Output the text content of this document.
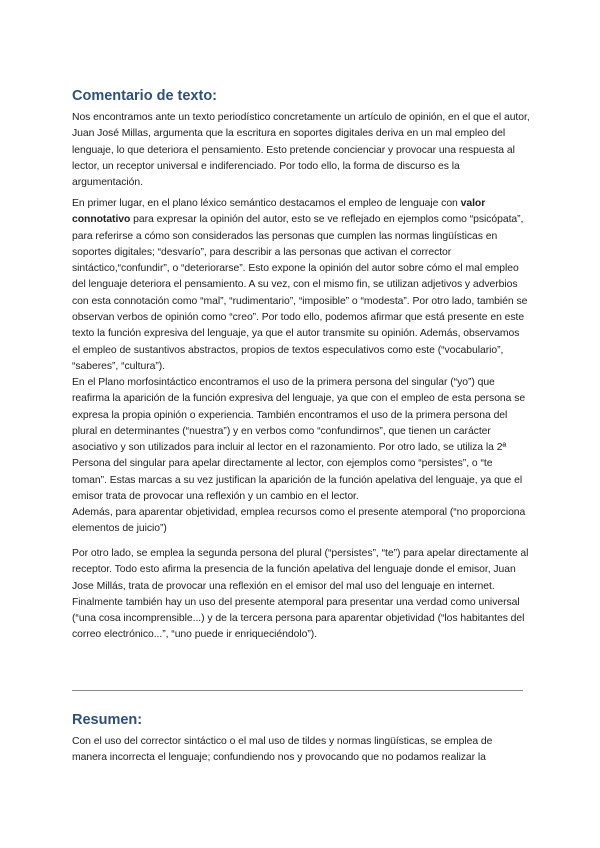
Comentario de texto:

Nos encontramos ante un texto periodístico concretamente un artículo de opinión, en el que el autor, Juan José Millas, argumenta que la escritura en soportes digitales deriva en un mal empleo del lenguaje, lo que deteriora el pensamiento. Esto pretende concienciar y provocar una respuesta al lector, un receptor universal e indiferenciado. Por todo ello, la forma de discurso es la argumentación.

En primer lugar, en el plano léxico semántico destacamos el empleo de lenguaje con valor connotativo para expresar la opinión del autor, esto se ve reflejado en ejemplos como “psicópata”, para referirse a cómo son considerados las personas que cumplen las normas lingüísticas en soportes digitales; “desvarío”, para describir a las personas que activan el corrector sintáctico,“confundir”, o “deteriorarse”. Esto expone la opinión del autor sobre cómo el mal empleo del lenguaje deteriora el pensamiento. A su vez, con el mismo fin, se utilizan adjetivos y adverbios con esta connotación como “mal”, “rudimentario”, “imposible” o “modesta”. Por otro lado, también se observan verbos de opinión como “creo”. Por todo ello, podemos afirmar que está presente en este texto la función expresiva del lenguaje, ya que el autor transmite su opinión. Además, observamos el empleo de sustantivos abstractos, propios de textos especulativos como este (“vocabulario”, “saberes”, “cultura”).

En el Plano morfosintáctico encontramos el uso de la primera persona del singular (“yo”) que reafirma la aparición de la función expresiva del lenguaje, ya que con el empleo de esta persona se expresa la propia opinión o experiencia. También encontramos el uso de la primera persona del plural en determinantes (“nuestra”) y en verbos como “confundirnos”, que tienen un carácter asociativo y son utilizados para incluir al lector en el razonamiento. Por otro lado, se utiliza la 2ª Persona del singular para apelar directamente al lector, con ejemplos como “persistes”, o “te toman”. Estas marcas a su vez justifican la aparición de la función apelativa del lenguaje, ya que el emisor trata de provocar una reflexión y un cambio en el lector.

Además, para aparentar objetividad, emplea recursos como el presente atemporal (“no proporciona elementos de juicio”)

Por otro lado, se emplea la segunda persona del plural (“persistes”, “te”) para apelar directamente al receptor. Todo esto afirma la presencia de la función apelativa del lenguaje donde el emisor, Juan Jose Millás, trata de provocar una reflexión en el emisor del mal uso del lenguaje en internet. Finalmente también hay un uso del presente atemporal para presentar una verdad como universal (“una cosa incomprensible...) y de la tercera persona para aparentar objetividad (“los habitantes del correo electrónico...”, “uno puede ir enriqueciéndolo”).

Resumen:

Con el uso del corrector sintáctico o el mal uso de tildes y normas lingüísticas, se emplea de manera incorrecta el lenguaje; confundiendo nos y provocando que no podamos realizar la
